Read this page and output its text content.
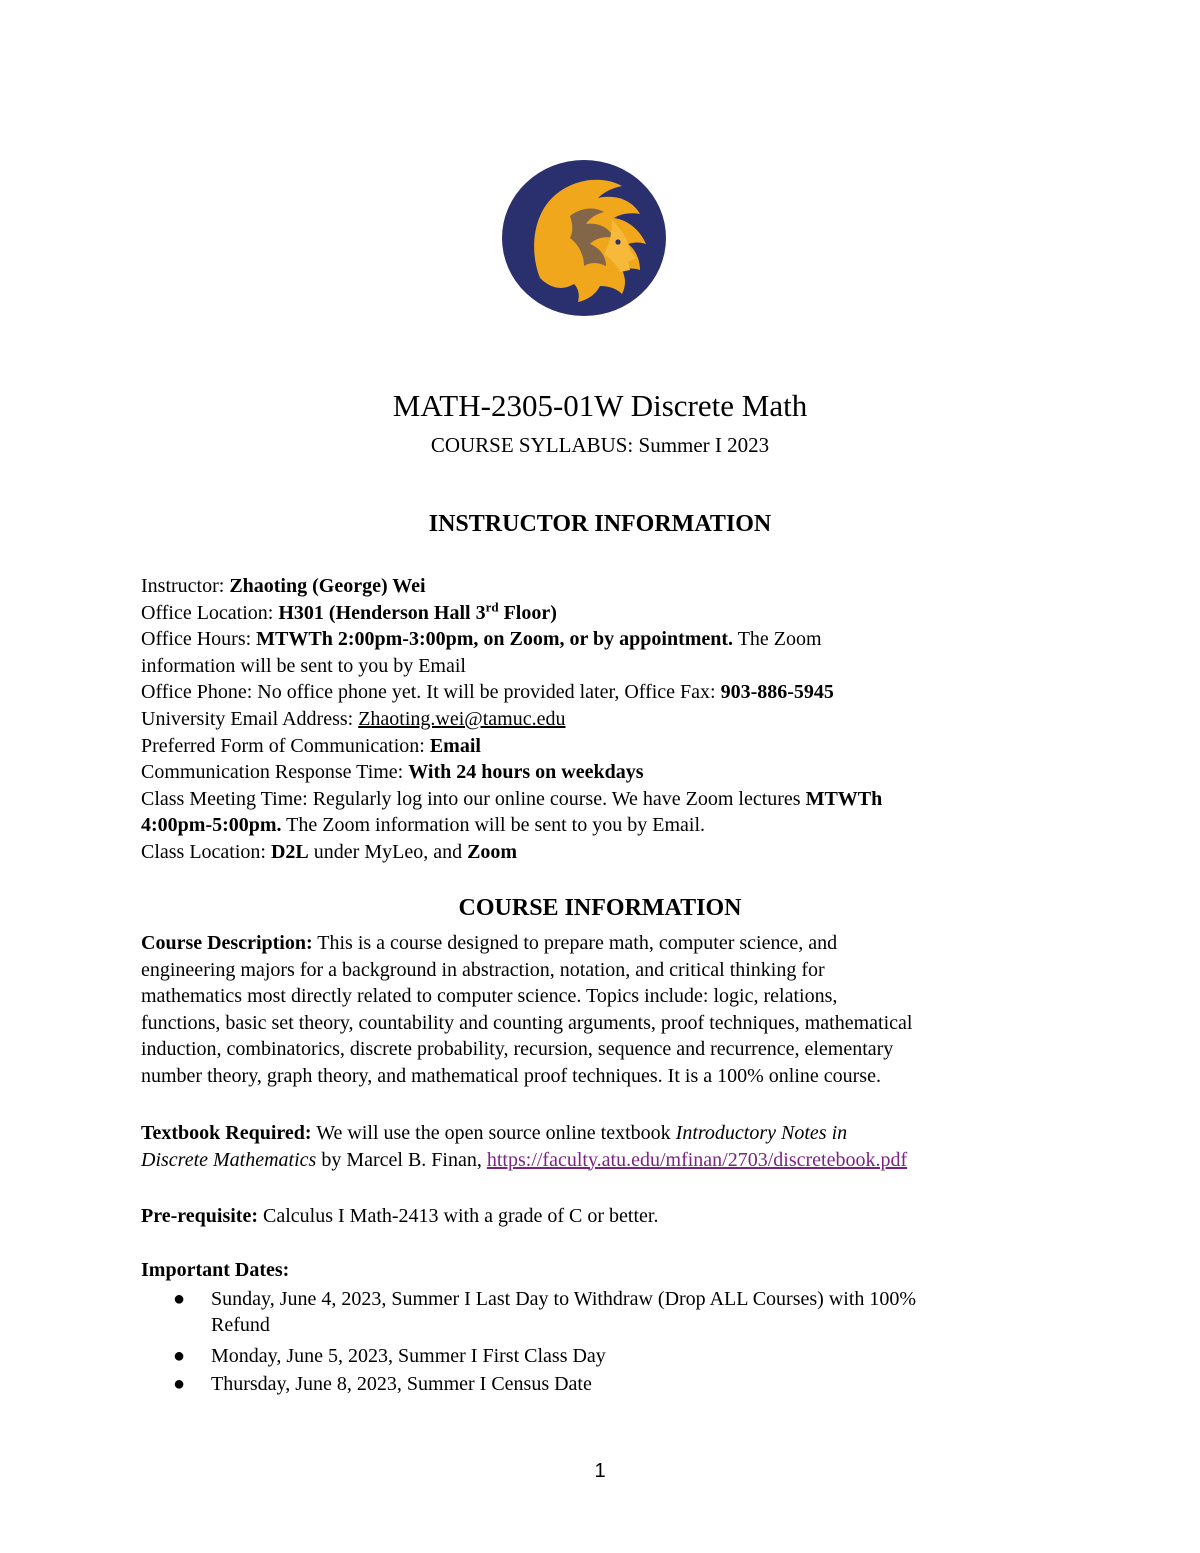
MATH-2305-01W Discrete Math
COURSE SYLLABUS: Summer I 2023
INSTRUCTOR INFORMATION

Instructor: Zhaoting (George) Wei

Office Location: H301 (Henderson Hall 3rd Floor)

Office Hours: MTWTh 2:00pm-3:00pm, on Zoom, or by appointment. The Zoom

information will be sent to you by Email

Office Phone: No office phone yet. It will be provided later, Office Fax: 903-886-5945

University Email Address: Zhaoting.wei@tamuc.edu

Preferred Form of Communication: Email

Communication Response Time: With 24 hours on weekdays

Class Meeting Time: Regularly log into our online course. We have Zoom lectures MTWTh

4:00pm-5:00pm. The Zoom information will be sent to you by Email.

Class Location: D2L under MyLeo, and Zoom

COURSE INFORMATION

Course Description: This is a course designed to prepare math, computer science, and

engineering majors for a background in abstraction, notation, and critical thinking for

mathematics most directly related to computer science. Topics include: logic, relations,

functions, basic set theory, countability and counting arguments, proof techniques, mathematical

induction, combinatorics, discrete probability, recursion, sequence and recurrence, elementary

number theory, graph theory, and mathematical proof techniques. It is a 100% online course.

Textbook Required: We will use the open source online textbook Introductory Notes in

Discrete Mathematics by Marcel B. Finan, https://faculty.atu.edu/mfinan/2703/discretebook.pdf

Pre-requisite: Calculus I Math-2413 with a grade of C or better.

Important Dates:

● Sunday, June 4, 2023, Summer I Last Day to Withdraw (Drop ALL Courses) with 100%
Refund
● Monday, June 5, 2023, Summer I First Class Day
● Thursday, June 8, 2023, Summer I Census Date
1
